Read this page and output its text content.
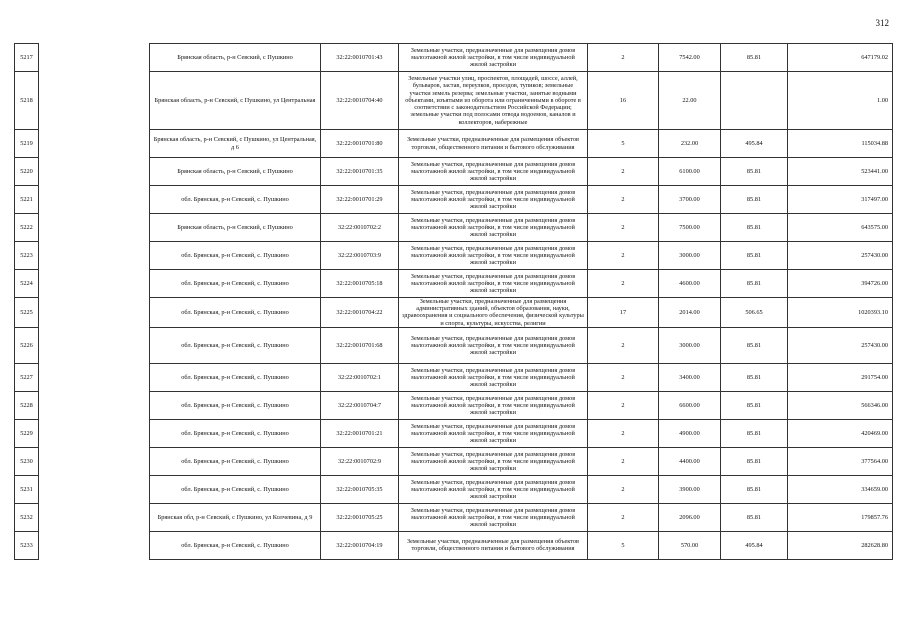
312
5217		Брянская область, р-н Севский, с Пушкино	32:22:0010701:43	Земельные участки, предназначенные для размещения домов малоэтажной жилой застройки, в том числе индивидуальной жилой застройки	2	7542.00	85.81	647179.02
5218		Брянская область, р-н Севский, с Пушкино, ул Центральная	32:22:0010704:40	Земельные участки улиц, проспектов, площадей, шоссе, аллей, бульваров, застав, переулков, проездов, тупиков; земельные участки земель резерва; земельные участки, занятые водными объектами, изъятыми из оборота или ограниченными в обороте в соответствии с законодательством Российской Федерации; земельные участки под полосами отвода водоемов, каналов и коллекторов, набережные	16	22.00		1.00
5219		Брянская область, р-н Севский, с Пушкино, ул Центральная, д 6	32:22:0010701:80	Земельные участки, предназначенные для размещения объектов торговли, общественного питания и бытового обслуживания	5	232.00	495.84	115034.88
5220		Брянская область, р-н Севский, с Пушкино	32:22:0010701:35	Земельные участки, предназначенные для размещения домов малоэтажной жилой застройки, в том числе индивидуальной жилой застройки	2	6100.00	85.81	523441.00
5221		обл. Брянская, р-н Севский, с. Пушкино	32:22:0010701:29	Земельные участки, предназначенные для размещения домов малоэтажной жилой застройки, в том числе индивидуальной жилой застройки	2	3700.00	85.81	317497.00
5222		Брянская область, р-н Севский, с Пушкино	32:22:0010702:2	Земельные участки, предназначенные для размещения домов малоэтажной жилой застройки, в том числе индивидуальной жилой застройки	2	7500.00	85.81	643575.00
5223		обл. Брянская, р-н Севский, с. Пушкино	32:22:0010703:9	Земельные участки, предназначенные для размещения домов малоэтажной жилой застройки, в том числе индивидуальной жилой застройки	2	3000.00	85.81	257430.00
5224		обл. Брянская, р-н Севский, с. Пушкино	32:22:0010705:18	Земельные участки, предназначенные для размещения домов малоэтажной жилой застройки, в том числе индивидуальной жилой застройки	2	4600.00	85.81	394726.00
5225		обл. Брянская, р-н Севский, с. Пушкино	32:22:0010704:22	Земельные участки, предназначенные для размещения административных зданий, объектов образования, науки, здравоохранения и социального обеспечения, физической культуры и спорта, культуры, искусства, религии	17	2014.00	506.65	1020393.10
5226		обл. Брянская, р-н Севский, с. Пушкино	32:22:0010701:68	Земельные участки, предназначенные для размещения домов малоэтажной жилой застройки, в том числе индивидуальной жилой застройки	2	3000.00	85.81	257430.00
5227		обл. Брянская, р-н Севский, с. Пушкино	32:22:0010702:1	Земельные участки, предназначенные для размещения домов малоэтажной жилой застройки, в том числе индивидуальной жилой застройки	2	3400.00	85.81	291754.00
5228		обл. Брянская, р-н Севский, с. Пушкино	32:22:0010704:7	Земельные участки, предназначенные для размещения домов малоэтажной жилой застройки, в том числе индивидуальной жилой застройки	2	6600.00	85.81	566346.00
5229		обл. Брянская, р-н Севский, с. Пушкино	32:22:0010701:21	Земельные участки, предназначенные для размещения домов малоэтажной жилой застройки, в том числе индивидуальной жилой застройки	2	4900.00	85.81	420469.00
5230		обл. Брянская, р-н Севский, с. Пушкино	32:22:0010702:9	Земельные участки, предназначенные для размещения домов малоэтажной жилой застройки, в том числе индивидуальной жилой застройки	2	4400.00	85.81	377564.00
5231		обл. Брянская, р-н Севский, с. Пушкино	32:22:0010705:35	Земельные участки, предназначенные для размещения домов малоэтажной жилой застройки, в том числе индивидуальной жилой застройки	2	3900.00	85.81	334659.00
5232		Брянская обл, р-н Севский, с Пушкино, ул Колчевина, д 9	32:22:0010705:25	Земельные участки, предназначенные для размещения домов малоэтажной жилой застройки, в том числе индивидуальной жилой застройки	2	2096.00	85.81	179857.76
5233		обл. Брянская, р-н Севский, с. Пушкино	32:22:0010704:19	Земельные участки, предназначенные для размещения объектов торговли, общественного питания и бытового обслуживания	5	570.00	495.84	282628.80
